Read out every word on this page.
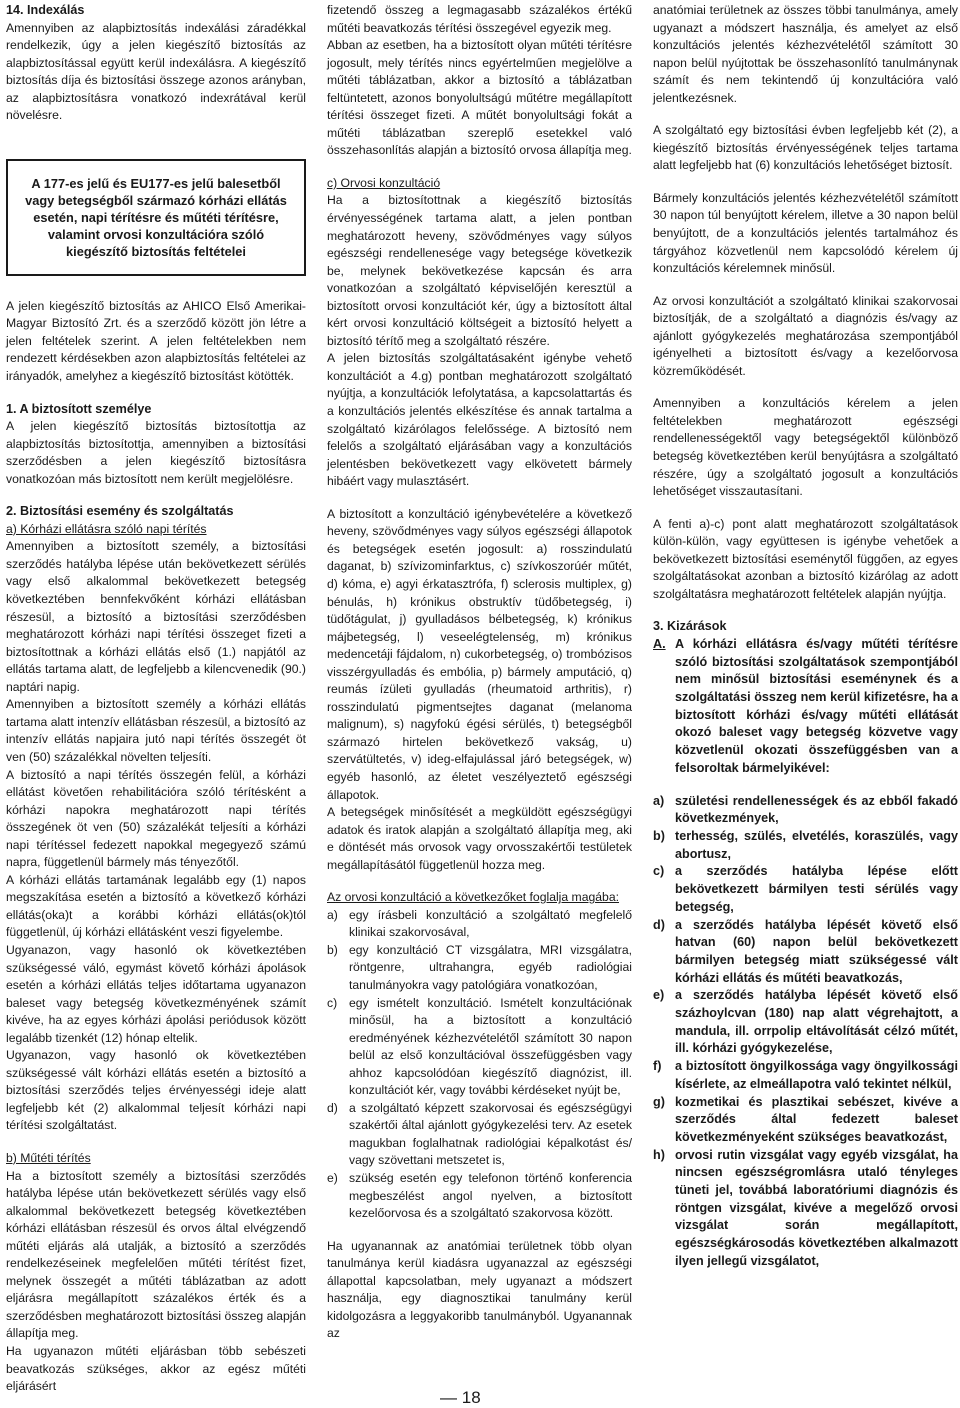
14. Indexálás

Amennyiben az alapbiztosítás indexálási záradékkal rendelkezik, úgy a jelen kiegészítő biztosítás az alapbiztosítással együtt kerül indexálásra. A kiegészítő biztosítás díja és biztosítási összege azonos arányban, az alapbiztosításra vonatkozó indexrátával kerül növelésre.

A 177-es jelű és EU177-es jelű balesetből vagy betegségből származó kórházi ellátás esetén, napi térítésre és műtéti térítésre, valamint orvosi konzultációra szóló kiegészítő biztosítás feltételei

A jelen kiegészítő biztosítás az AHICO Első Amerikai-Magyar Biztosító Zrt. és a szerződő között jön létre a jelen feltételek szerint. A jelen feltételekben nem rendezett kérdésekben azon alapbiztosítás feltételei az irányadók, amelyhez a kiegészítő biztosítást kötötték.

1. A biztosított személye

A jelen kiegészítő biztosítás biztosítottja az alapbiztosítás biztosítottja, amennyiben a biztosítási szerződésben a jelen kiegészítő biztosításra vonatkozóan más biztosított nem került megjelölésre.

2. Biztosítási esemény és szolgáltatás

a) Kórházi ellátásra szóló napi térítés

Amennyiben a biztosított személy, a biztosítási szerződés hatályba lépése után bekövetkezett sérülés vagy első alkalommal bekövetkezett betegség következtében bennfekvőként kórházi ellátásban részesül, a biztosító a biztosítási szerződésben meghatározott kórházi napi térítési összeget fizeti a biztosítottnak a kórházi ellátás első (1.) napjától az ellátás tartama alatt, de legfeljebb a kilencvenedik (90.) naptári napig.

Amennyiben a biztosított személy a kórházi ellátás tartama alatt intenzív ellátásban részesül, a biztosító az intenzív ellátás napjaira jutó napi térítés összegét öt ven (50) százalékkal növelten teljesíti.

A biztosító a napi térítés összegén felül, a kórházi ellátást követően rehabilitációra szóló térítésként a kórházi napokra meghatározott napi térítés összegének öt ven (50) százalékát teljesíti a kórházi napi térítéssel fedezett napokkal megegyező számú napra, függetlenül bármely más tényezőtől.

A kórházi ellátás tartamának legalább egy (1) napos megszakítása esetén a biztosító a következő kórházi ellátás(oka)t a korábbi kórházi ellátás(ok)tól függetlenül, új kórházi ellátásként veszi figyelembe.

Ugyanazon, vagy hasonló ok következtében szükségessé váló, egymást követő kórházi ápolások esetén a kórházi ellátás teljes időtartama ugyanazon baleset vagy betegség következményének számít kivéve, ha az egyes kórházi ápolási periódusok között legalább tizenkét (12) hónap eltelik.

Ugyanazon, vagy hasonló ok következtében szükségessé vált kórházi ellátás esetén a biztosító a biztosítási szerződés teljes érvényességi ideje alatt legfeljebb két (2) alkalommal teljesít kórházi napi térítési szolgáltatást.

b) Műtéti térítés

Ha a biztosított személy a biztosítási szerződés hatályba lépése után bekövetkezett sérülés vagy első alkalommal bekövetkezett betegség következtében kórházi ellátásban részesül és orvos által elvégzendő műtéti eljárás alá utalják, a biztosító a szerződés rendelkezéseinek megfelelően műtéti térítést fizet, melynek összegét a műtéti táblázatban az adott eljárásra megállapított százalékos érték és a szerződésben meghatározott biztosítási összeg alapján állapítja meg.

Ha ugyanazon műtéti eljárásban több sebészeti beavatkozás szükséges, akkor az egész műtéti eljárásért

fizetendő összeg a legmagasabb százalékos értékű műtéti beavatkozás térítési összegével egyezik meg.

Abban az esetben, ha a biztosított olyan műtéti térítésre jogosult, mely térítés nincs egyértelműen megjelölve a műtéti táblázatban, akkor a biztosító a táblázatban feltüntetett, azonos bonyolultságú műtétre megállapított térítési összeget fizeti. A műtét bonyolultsági fokát a műtéti táblázatban szereplő esetekkel való összehasonlítás alapján a biztosító orvosa állapítja meg.

c) Orvosi konzultáció

Ha a biztosítottnak a kiegészítő biztosítás érvényességének tartama alatt, a jelen pontban meghatározott heveny, szövődményes vagy súlyos egészségi rendellenesége vagy betegsége következik be, melynek bekövetkezése kapcsán és arra vonatkozóan a szolgáltató képviselőjén keresztül a biztosított orvosi konzultációt kér, úgy a biztosított által kért orvosi konzultáció költségeit a biztosító helyett a biztosító térítő meg a szolgáltató részére.

A jelen biztosítás szolgáltatásaként igénybe vehető konzultációt a 4.g) pontban meghatározott szolgáltató nyújtja, a konzultációk lefolytatása, a kapcsolattartás és a konzultációs jelentés elkészítése és annak tartalma a szolgáltató kizárólagos felelőssége. A biztosító nem felelős a szolgáltató eljárásában vagy a konzultációs jelentésben bekövetkezett vagy elkövetett bármely hibáért vagy mulasztásért.

A biztosított a konzultáció igénybevételére a következő heveny, szövődményes vagy súlyos egészségi állapotok és betegségek esetén jogosult: a) rosszindulatú daganat, b) szívizominfarktus, c) szívkoszorúér műtét, d) kóma, e) agyi érkatasztrófa, f) sclerosis multiplex, g) bénulás, h) krónikus obstruktív tüdőbetegség, i) tüdőtágulat, j) gyulladásos bélbetegség, k) krónikus májbetegség, l) veseelégtelenség, m) krónikus medencetáji fájdalom, n) cukorbetegség, o) trombózisos visszérgyulladás és embólia, p) bármely amputáció, q) reumás ízületi gyulladás (rheumatoid arthritis), r) rosszindulatú pigmentsejtes daganat (melanoma malignum), s) nagyfokú égési sérülés, t) betegségből származó hirtelen bekövetkező vakság, u) szervátültetés, v) ideg-elfajulással járó betegségek, w) egyéb hasonló, az életet veszélyeztető egészségi állapotok.

A betegségek minősítését a megküldött egészségügyi adatok és iratok alapján a szolgáltató állapítja meg, aki e döntését más orvosok vagy orvosszakértői testületek megállapításától függetlenül hozza meg.

Az orvosi konzultáció a következőket foglalja magába:

a) egy írásbeli konzultáció a szolgáltató megfelelő klinikai szakorvosával,
b) egy konzultáció CT vizsgálatra, MRI vizsgálatra, röntgenre, ultrahangra, egyéb radiológiai tanulmányokra vagy patológiára vonatkozóan,
c) egy ismételt konzultáció. Ismételt konzultációnak minősül, ha a biztosított a konzultáció eredményének kézhezvételétől számított 30 napon belül az első konzultációval összefüggésben vagy ahhoz kapcsolódóan kiegészítő diagnózist, ill. konzultációt kér, vagy további kérdéseket nyújt be,
d) a szolgáltató képzett szakorvosai és egészségügyi szakértői által ajánlott gyógykezelési terv. Az esetek magukban foglalhatnak radiológiai képalkotást és/ vagy szövettani metszetet is,
e) szükség esetén egy telefonon történő konferencia megbeszélést angol nyelven, a biztosított kezelőorvosa és a szolgáltató szakorvosa között.

Ha ugyanannak az anatómiai területnek több olyan tanulmánya kerül kiadásra ugyanazzal az egészségi állapottal kapcsolatban, mely ugyanazt a módszert használja, egy diagnosztikai tanulmány kerül kidolgozásra a leggyakoribb tanulmányból. Ugyanannak az

anatómiai területnek az összes többi tanulmánya, amely ugyanazt a módszert használja, és amelyet az első konzultációs jelentés kézhezvételétől számított 30 napon belül nyújtottak be összehasonlító tanulmánynak számít és nem tekintendő új konzultációra való jelentkezésnek.

A szolgáltató egy biztosítási évben legfeljebb két (2), a kiegészítő biztosítás érvényességének teljes tartama alatt legfeljebb hat (6) konzultációs lehetőséget biztosít.

Bármely konzultációs jelentés kézhezvételétől számított 30 napon túl benyújtott kérelem, illetve a 30 napon belül benyújtott, de a konzultációs jelentés tartalmához és tárgyához közvetlenül nem kapcsolódó kérelem új konzultációs kérelemnek minősül.

Az orvosi konzultációt a szolgáltató klinikai szakorvosai biztosítják, de a szolgáltató a diagnózis és/vagy az ajánlott gyógykezelés meghatározása szempontjából igényelheti a biztosított és/vagy a kezelőorvosa közreműködését.

Amennyiben a konzultációs kérelem a jelen feltételekben meghatározott egészségi rendellenességektől vagy betegségektől különböző betegség következtében kerül benyújtásra a szolgáltató részére, úgy a szolgáltató jogosult a konzultációs lehetőséget visszautasítani.

A fenti a)-c) pont alatt meghatározott szolgáltatások külön-külön, vagy együttesen is igénybe vehetőek a bekövetkezett biztosítási eseménytől függően, az egyes szolgáltatásokat azonban a biztosító kizárólag az adott szolgáltatásra meghatározott feltételek alapján nyújtja.

3. Kizárások

A. A kórházi ellátásra és/vagy műtéti térítésre szóló biztosítási szolgáltatások szempontjából nem minősül biztosítási eseménynek és a szolgáltatási összeg nem kerül kifizetésre, ha a biztosított kórházi és/vagy műtéti ellátását okozó baleset vagy betegség közvetve vagy közvetlenül okozati összefüggésben van a felsoroltak bármelyikével:
a) születési rendellenességek és az ebből fakadó következmények,
b) terhesség, szülés, elvetélés, koraszülés, vagy abortusz,
c) a szerződés hatályba lépése előtt bekövetkezett bármilyen testi sérülés vagy betegség,
d) a szerződés hatályba lépését követő első hatvan (60) napon belül bekövetkezett bármilyen betegség miatt szükségessé vált kórházi ellátás és műtéti beavatkozás,
e) a szerződés hatályba lépését követő első százhoylcvan (180) nap alatt végrehajtott, a mandula, ill. orrpolip eltávolítását célzó műtét, ill. kórházi gyógykezelése,
f)	a biztosított öngyilkossága vagy öngyilkossági kísérlete, az elmeállapotra való tekintet nélkül,
g) kozmetikai és plasztikai sebészet, kivéve a szerződés által fedezett baleset következményeként szükséges beavatkozást,
h) orvosi rutin vizsgálat vagy egyéb vizsgálat, ha nincsen egészségromlásra utaló tényleges tüneti jel, továbbá laboratóriumi diagnózis és röntgen vizsgálat, kivéve a megelőző orvosi vizsgálat során megállapított, egészségkárosodás következtében alkalmazott ilyen jellegű vizsgálatot,
— 18
